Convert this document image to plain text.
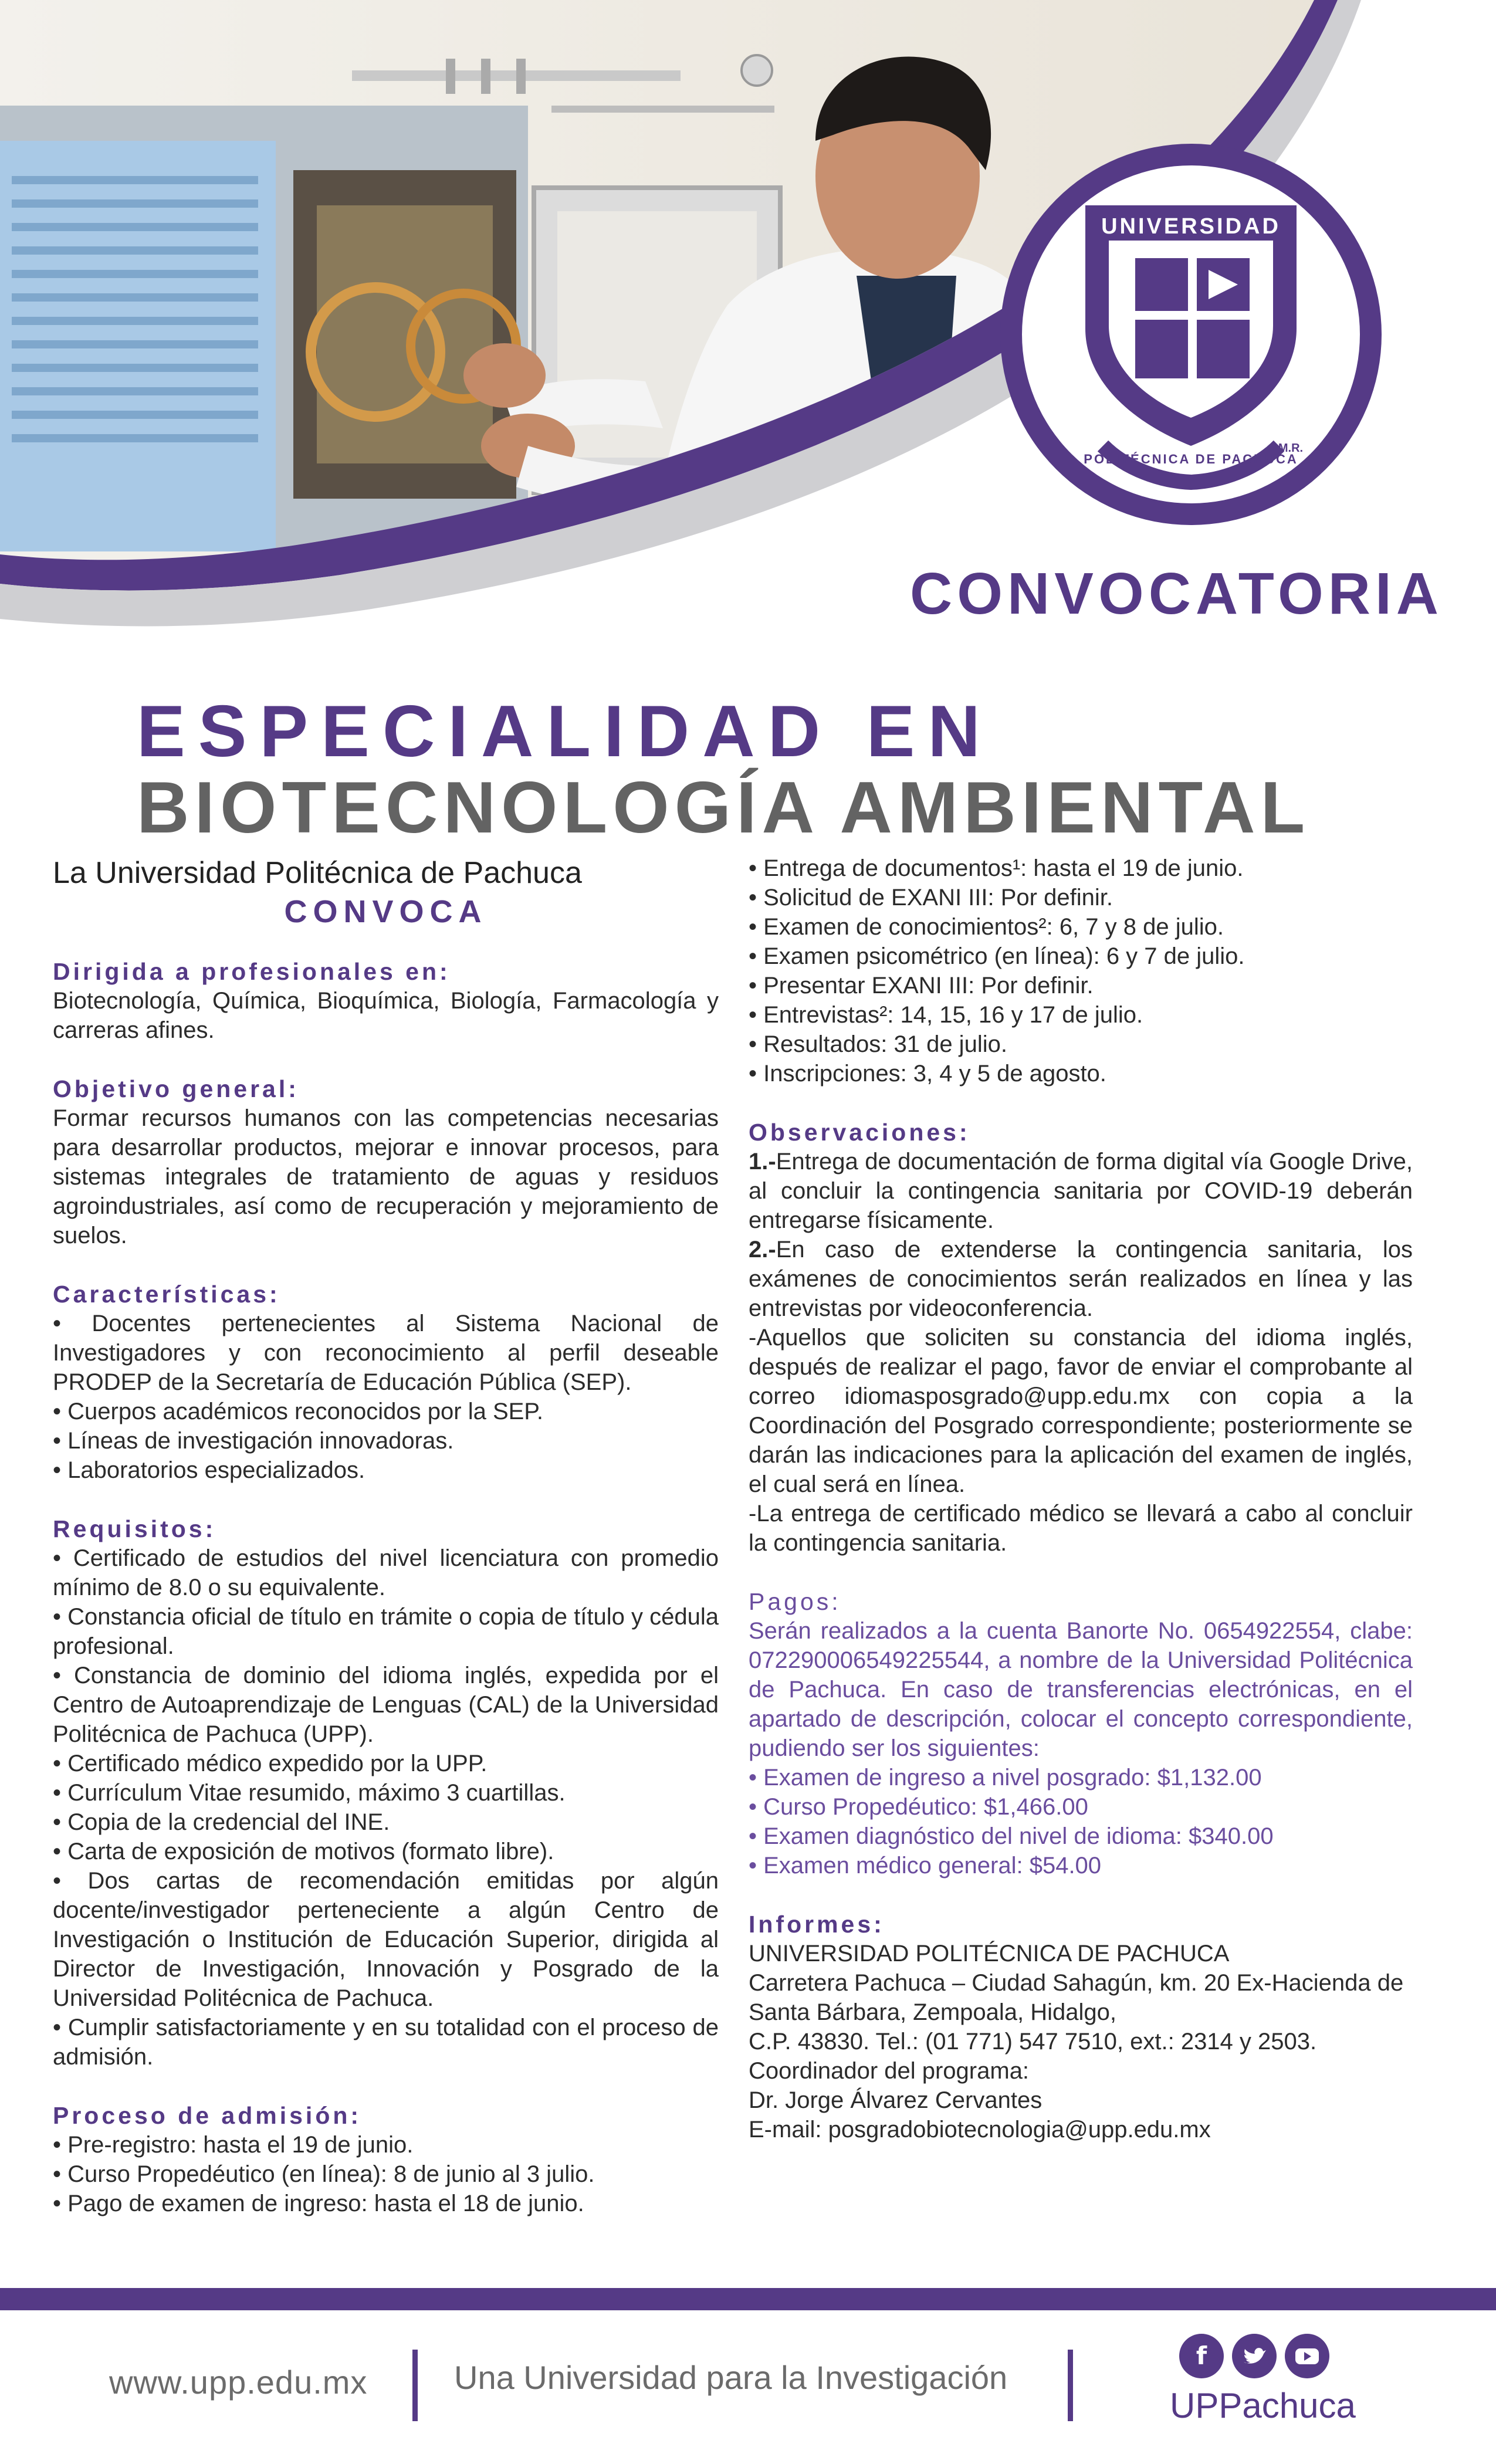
UNIVERSIDAD
POLITÉCNICA DE PACHUCA
M.R.
CONVOCATORIA
ESPECIALIDAD EN
BIOTECNOLOGÍA AMBIENTAL
La Universidad Politécnica de Pachuca
CONVOCA
Dirigida a profesionales en:

Biotecnología, Química, Bioquímica, Biología, Farmacología y carreras afines.

Objetivo general:

Formar recursos humanos con las competencias necesarias para desarrollar productos, mejorar e innovar procesos, para sistemas integrales de tratamiento de aguas y residuos agroindustriales, así como de recuperación y mejoramiento de suelos.

Características:
• Docentes pertenecientes al Sistema Nacional de Investigadores y con reconocimiento al perfil deseable PRODEP de la Secretaría de Educación Pública (SEP).
• Cuerpos académicos reconocidos por la SEP.
• Líneas de investigación innovadoras.
• Laboratorios especializados.
Requisitos:
• Certificado de estudios del nivel licenciatura con promedio mínimo de 8.0 o su equivalente.
• Constancia oficial de título en trámite o copia de título y cédula profesional.
• Constancia de dominio del idioma inglés, expedida por el Centro de Autoaprendizaje de Lenguas (CAL) de la Universidad Politécnica de Pachuca (UPP).
• Certificado médico expedido por la UPP.
• Currículum Vitae resumido, máximo 3 cuartillas.
• Copia de la credencial del INE.
• Carta de exposición de motivos (formato libre).
• Dos cartas de recomendación emitidas por algún docente/investigador perteneciente a algún Centro de Investigación o Institución de Educación Superior, dirigida al Director de Investigación, Innovación y Posgrado de la Universidad Politécnica de Pachuca.
• Cumplir satisfactoriamente y en su totalidad con el proceso de admisión.
Proceso de admisión:
• Pre-registro: hasta el 19 de junio.
• Curso Propedéutico (en línea): 8 de junio al 3 julio.
• Pago de examen de ingreso: hasta el 18 de junio.
• Entrega de documentos¹: hasta el 19 de junio.
• Solicitud de EXANI III: Por definir.
• Examen de conocimientos²: 6, 7 y 8 de julio.
• Examen psicométrico (en línea): 6 y 7 de julio.
• Presentar EXANI III: Por definir.
• Entrevistas²: 14, 15, 16 y 17 de julio.
• Resultados: 31 de julio.
• Inscripciones: 3, 4 y 5 de agosto.
Observaciones:

1.-Entrega de documentación de forma digital vía Google Drive, al concluir la contingencia sanitaria por COVID-19 deberán entregarse físicamente.

2.-En caso de extenderse la contingencia sanitaria, los exámenes de conocimientos serán realizados en línea y las entrevistas por videoconferencia.

-Aquellos que soliciten su constancia del idioma inglés, después de realizar el pago, favor de enviar el comprobante al correo idiomasposgrado@upp.edu.mx con copia a la Coordinación del Posgrado correspondiente; posteriormente se darán las indicaciones para la aplicación del examen de inglés, el cual será en línea.

-La entrega de certificado médico se llevará a cabo al concluir la contingencia sanitaria.

Pagos:

Serán realizados a la cuenta Banorte No. 0654922554, clabe: 072290006549225544, a nombre de la Universidad Politécnica de Pachuca. En caso de transferencias electrónicas, en el apartado de descripción, colocar el concepto correspondiente, pudiendo ser los siguientes:

• Examen de ingreso a nivel posgrado: $1,132.00
• Curso Propedéutico: $1,466.00
• Examen diagnóstico del nivel de idioma: $340.00
• Examen médico general: $54.00
Informes:

UNIVERSIDAD POLITÉCNICA DE PACHUCA

Carretera Pachuca – Ciudad Sahagún, km. 20 Ex-Hacienda de Santa Bárbara, Zempoala, Hidalgo,

C.P. 43830. Tel.: (01 771) 547 7510, ext.: 2314 y 2503.

Coordinador del programa:

Dr. Jorge Álvarez Cervantes

E-mail: posgradobiotecnologia@upp.edu.mx

www.upp.edu.mx	Una Universidad para la Investigación
f
UPPachuca
